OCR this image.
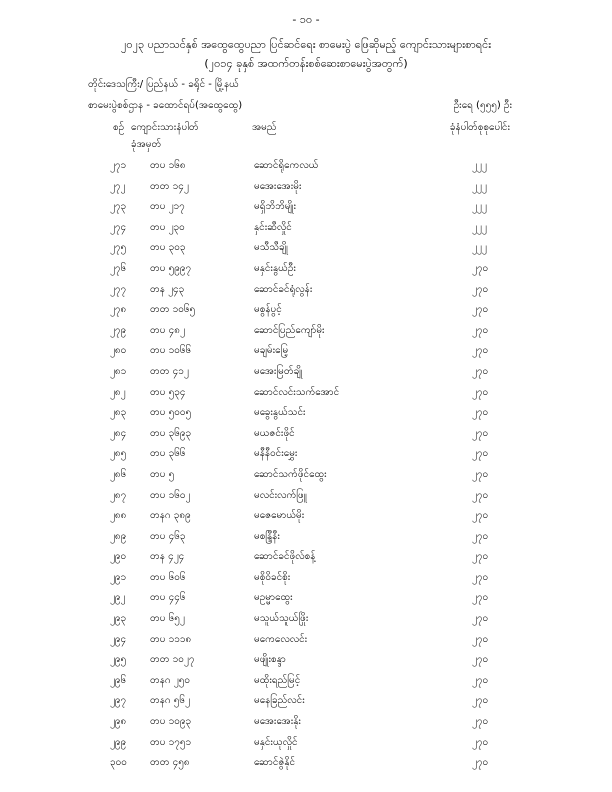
- ၁၀ -
၂၀၂၃ ပညာသင်နှစ် အထွေထွေပညာ ပြင်ဆင်ရေး စာမေးပွဲ ဖြေဆိုမည့် ကျောင်းသားများစာရင်း
(၂၀၁၄ ခုနှစ် အထက်တန်းစစ်ဆေးစာမေးပွဲအတွက်)
တိုင်းဒေသကြီး/ ပြည်နယ် - ခရိုင် - မြို့နယ်
စာမေးပွဲစစ်ဌာန - ခထောင်ရပ်(အထွေထွေ)	ဦးရေ (၅၅၅) ဦး
စဉ် ကျောင်းသားနံပါတ်
ခုံအမှတ်
အမည်	ခုံနံပါတ်စုစုပေါင်း
၂၇၁ တပ ၁၆၈	ဆောင်ရိုကေလယ်	၂၂၂
၂၇၂ တတ ၁၄၂	မအေးအေးမိုး	၂၂၂
၂၇၃ တပ ၂၁၇	မရှိဘိဘိမျိုး	၂၂၂
၂၇၄ တပ ၂၃၀	နှင်းဆီလှိုင်	၂၂၂
၂၇၅ တပ ၃၀၃	မသီသီချို	၂၂၂
၂၇၆ တပ ၅၉၉၇	မနှင်းနွယ်ဦး	၂၇၀
၂၇၇ တန ၂၄၃	ဆောင်ခင်ရုံလွန်း	၂၇၀
၂၇၈ တတ ၁၀၆၅	မစွန်ပွင့်	၂၇၀
၂၇၉ တပ ၄၈၂	ဆောင်ပြည်ကျော်မိုး	၂၇၀
၂၈၀ တပ ၁၀၆၆	မချမ်းမြေ့	၂၇၀
၂၈၁ တတ ၄၁၂	မအေးမြတ်ချို	၂၇၀
၂၈၂ တပ ၅၃၄	ဆောင်လင်းသက်အောင်	၂၇၀
၂၈၃ တပ ၅၀၀၅	မခွေးနွယ်သင်း	၂၇၀
၂၈၄ တပ ၃၆၉၃	မယဇင်းဖိုင်	၂၇၀
၂၈၅ တပ ၃၆၆	မနီနီဝင်းမွှေး	၂၇၀
၂၈၆ တပ ၅	ဆောင်သက်ဖိုင်ထွေး	၂၇၀
၂၈၇ တပ ၁၆၀၂	မလင်းလက်ဖြူ	၂၇၀
၂၈၈ တနဂ ၃၈၉	မဇေမောယ်မိုး	၂၇၀
၂၈၉ တပ ၄၆၃	မစန္ဒြီနီး	၂၇၀
၂၉၀ တန ၄၂၄	ဆောင်ခင်ဖိုလ်စန့်	၂၇၀
၂၉၁ တပ ၆၀၆	မစိုဝိခင်စိုး	၂၇၀
၂၉၂ တပ ၄၄၆	မဥမ္မာထွေး	၂၇၀
၂၉၃ တပ ၆၅၂	မသူယ်သူယ်ဖြိုး	၂၇၀
၂၉၄ တပ ၁၁၁၈	မကေလေလင်း	၂၇၀
၂၉၅ တတ ၁၀၂၇	မဖျိုးစန္ဒာ	၂၇၀
၂၉၆ တနဂ ၂၅၀	မထိုးရည်မြင့်	၂၇၀
၂၉၇ တနဂ ၅၆၂	မနေခြည်လင်း	၂၇၀
၂၉၈ တပ ၁၀၉၃	မအေးအေးနိုး	၂၇၀
၂၉၉ တပ ၁၇၅၁	မနှင်းယုလှိုင်	၂၇၀
၃၀၀ တတ ၄၅၈	ဆောင်ဇွဲနိုင်	၂၇၀
